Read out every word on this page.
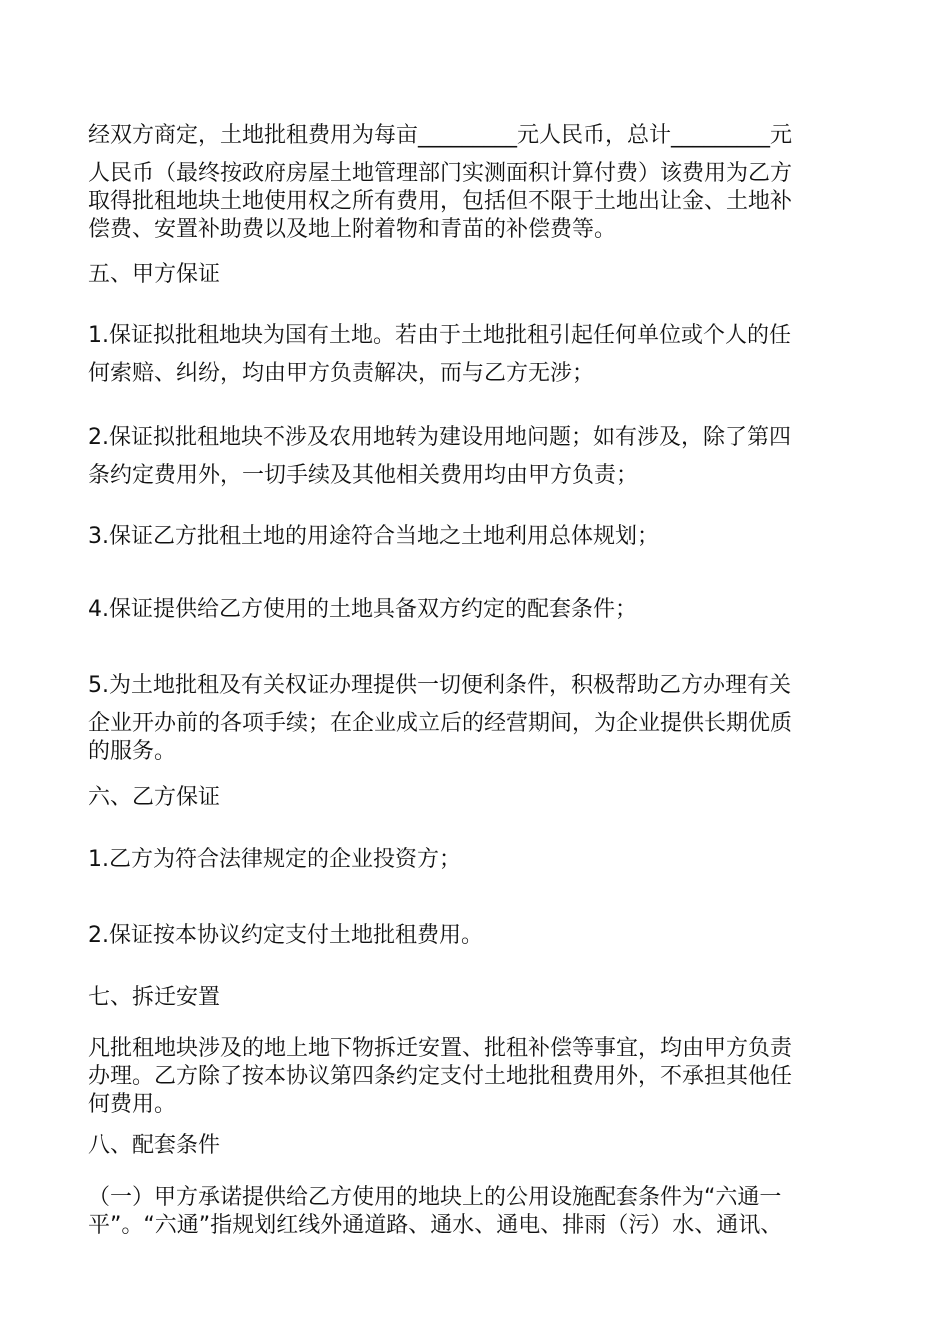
经双方商定，土地批租费用为每亩_________元人民币，总计_________元
人民币（最终按政府房屋土地管理部门实测面积计算付费）该费用为乙方
取得批租地块土地使用权之所有费用，包括但不限于土地出让金、土地补
偿费、安置补助费以及地上附着物和青苗的补偿费等。

五、甲方保证

1.保证拟批租地块为国有土地。若由于土地批租引起任何单位或个人的任
何索赔、纠纷，均由甲方负责解决，而与乙方无涉；

2.保证拟批租地块不涉及农用地转为建设用地问题；如有涉及，除了第四
条约定费用外，一切手续及其他相关费用均由甲方负责；

3.保证乙方批租土地的用途符合当地之土地利用总体规划；

4.保证提供给乙方使用的土地具备双方约定的配套条件；

5.为土地批租及有关权证办理提供一切便利条件，积极帮助乙方办理有关
企业开办前的各项手续；在企业成立后的经营期间，为企业提供长期优质
的服务。

六、乙方保证

1.乙方为符合法律规定的企业投资方；

2.保证按本协议约定支付土地批租费用。

七、拆迁安置

凡批租地块涉及的地上地下物拆迁安置、批租补偿等事宜，均由甲方负责
办理。乙方除了按本协议第四条约定支付土地批租费用外，不承担其他任
何费用。

八、配套条件

（一）甲方承诺提供给乙方使用的地块上的公用设施配套条件为“六通一
平”。“六通”指规划红线外通道路、通水、通电、排雨（污）水、通讯、
